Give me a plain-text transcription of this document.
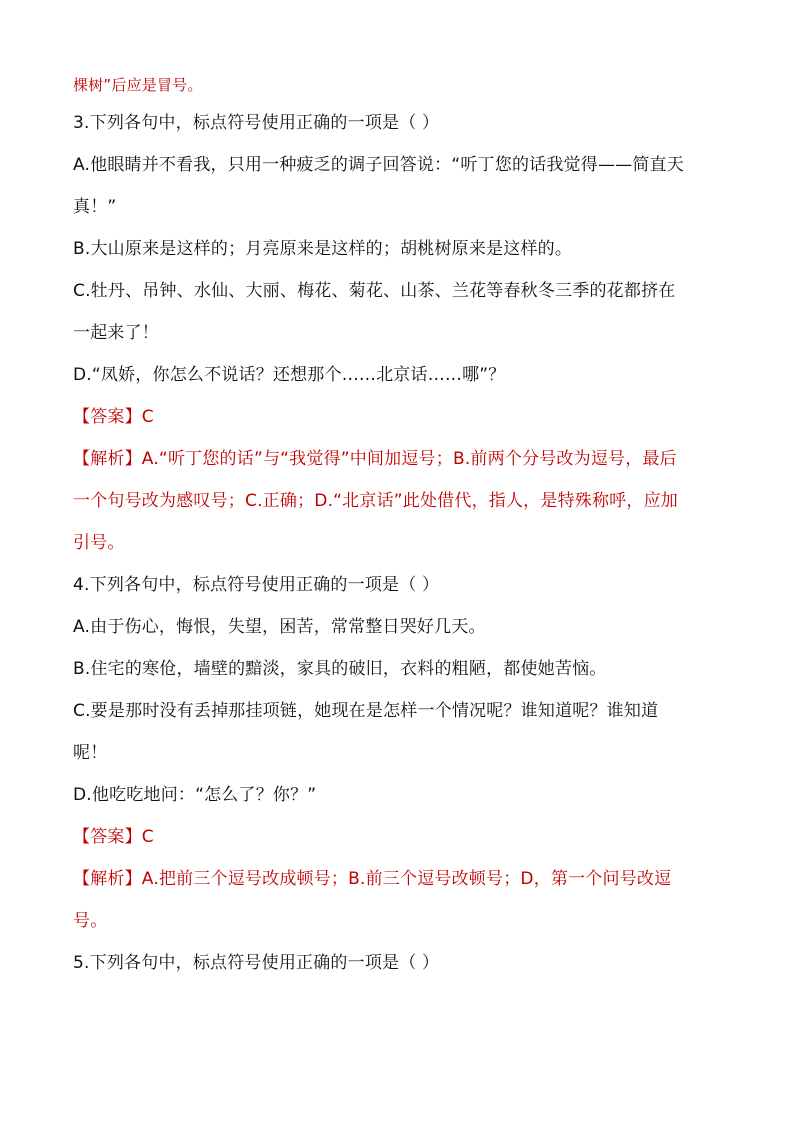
棵树”后应是冒号。

3.下列各句中，标点符号使用正确的一项是（ ）

A.他眼睛并不看我，只用一种疲乏的调子回答说：“听丁您的话我觉得——简直天

真！”

B.大山原来是这样的；月亮原来是这样的；胡桃树原来是这样的。

C.牡丹、吊钟、水仙、大丽、梅花、菊花、山茶、兰花等春秋冬三季的花都挤在

一起来了！

D.“凤娇，你怎么不说话？还想那个……北京话……哪”？

【答案】C

【解析】A.“听丁您的话”与“我觉得”中间加逗号；B.前两个分号改为逗号，最后

一个句号改为感叹号；C.正确；D.“北京话”此处借代，指人，是特殊称呼，应加

引号。

4.下列各句中，标点符号使用正确的一项是（ ）

A.由于伤心，悔恨，失望，困苦，常常整日哭好几天。

B.住宅的寒伧，墙壁的黯淡，家具的破旧，衣料的粗陋，都使她苦恼。

C.要是那时没有丢掉那挂项链，她现在是怎样一个情况呢？谁知道呢？谁知道

呢！

D.他吃吃地问：“怎么了？你？”

【答案】C

【解析】A.把前三个逗号改成顿号；B.前三个逗号改顿号；D，第一个问号改逗

号。

5.下列各句中，标点符号使用正确的一项是（ ）
